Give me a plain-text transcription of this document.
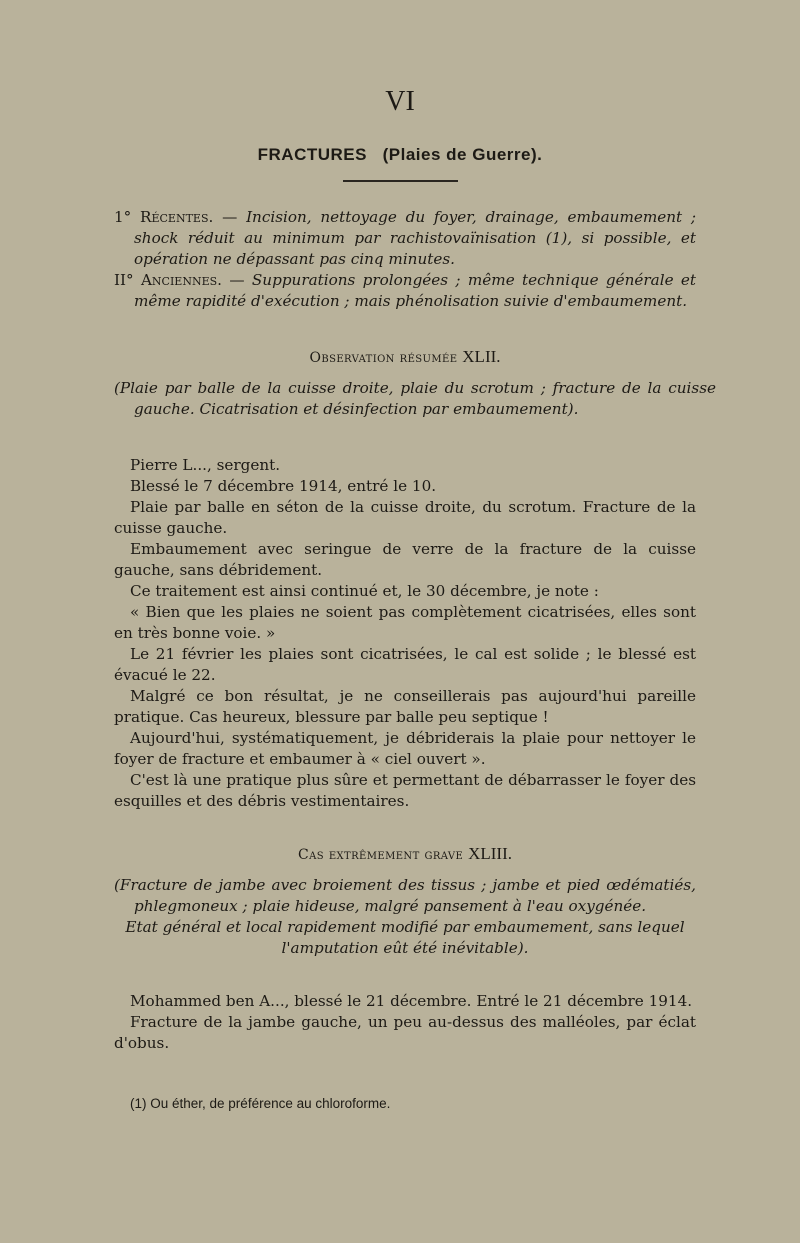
VI
FRACTURES   (Plaies de Guerre).

1° Récentes. — Incision, nettoyage du foyer, drainage, embaumement ; shock réduit au minimum par rachistovaïnisation (1), si possible, et opération ne dépassant pas cinq minutes.

II° Anciennes. — Suppurations prolongées ; même technique générale et même rapidité d'exécution ; mais phénolisation suivie d'embaumement.

Observation résumée XLII.
(Plaie par balle de la cuisse droite, plaie du scrotum ; fracture de la cuisse gauche. Cicatrisation et désinfection par embaumement).

Pierre L..., sergent.

Blessé le 7 décembre 1914, entré le 10.

Plaie par balle en séton de la cuisse droite, du scrotum. Fracture de la cuisse gauche.

Embaumement avec seringue de verre de la fracture de la cuisse gauche, sans débridement.

Ce traitement est ainsi continué et, le 30 décembre, je note :

« Bien que les plaies ne soient pas complètement cicatrisées, elles sont en très bonne voie. »

Le 21 février les plaies sont cicatrisées, le cal est solide ; le blessé est évacué le 22.

Malgré ce bon résultat, je ne conseillerais pas aujourd'hui pareille pratique. Cas heureux, blessure par balle peu septique !

Aujourd'hui, systématiquement, je débriderais la plaie pour nettoyer le foyer de fracture et embaumer à « ciel ouvert ».

C'est là une pratique plus sûre et permettant de débarrasser le foyer des esquilles et des débris vestimentaires.

Cas extrêmement grave XLIII.

(Fracture de jambe avec broiement des tissus ; jambe et pied œdématiés, phlegmoneux ; plaie hideuse, malgré pansement à l'eau oxygénée.

Etat général et local rapidement modifié par embaumement, sans lequel l'amputation eût été inévitable).

Mohammed ben A..., blessé le 21 décembre. Entré le 21 décembre 1914.

Fracture de la jambe gauche, un peu au-dessus des malléoles, par éclat d'obus.

(1) Ou éther, de préférence au chloroforme.
